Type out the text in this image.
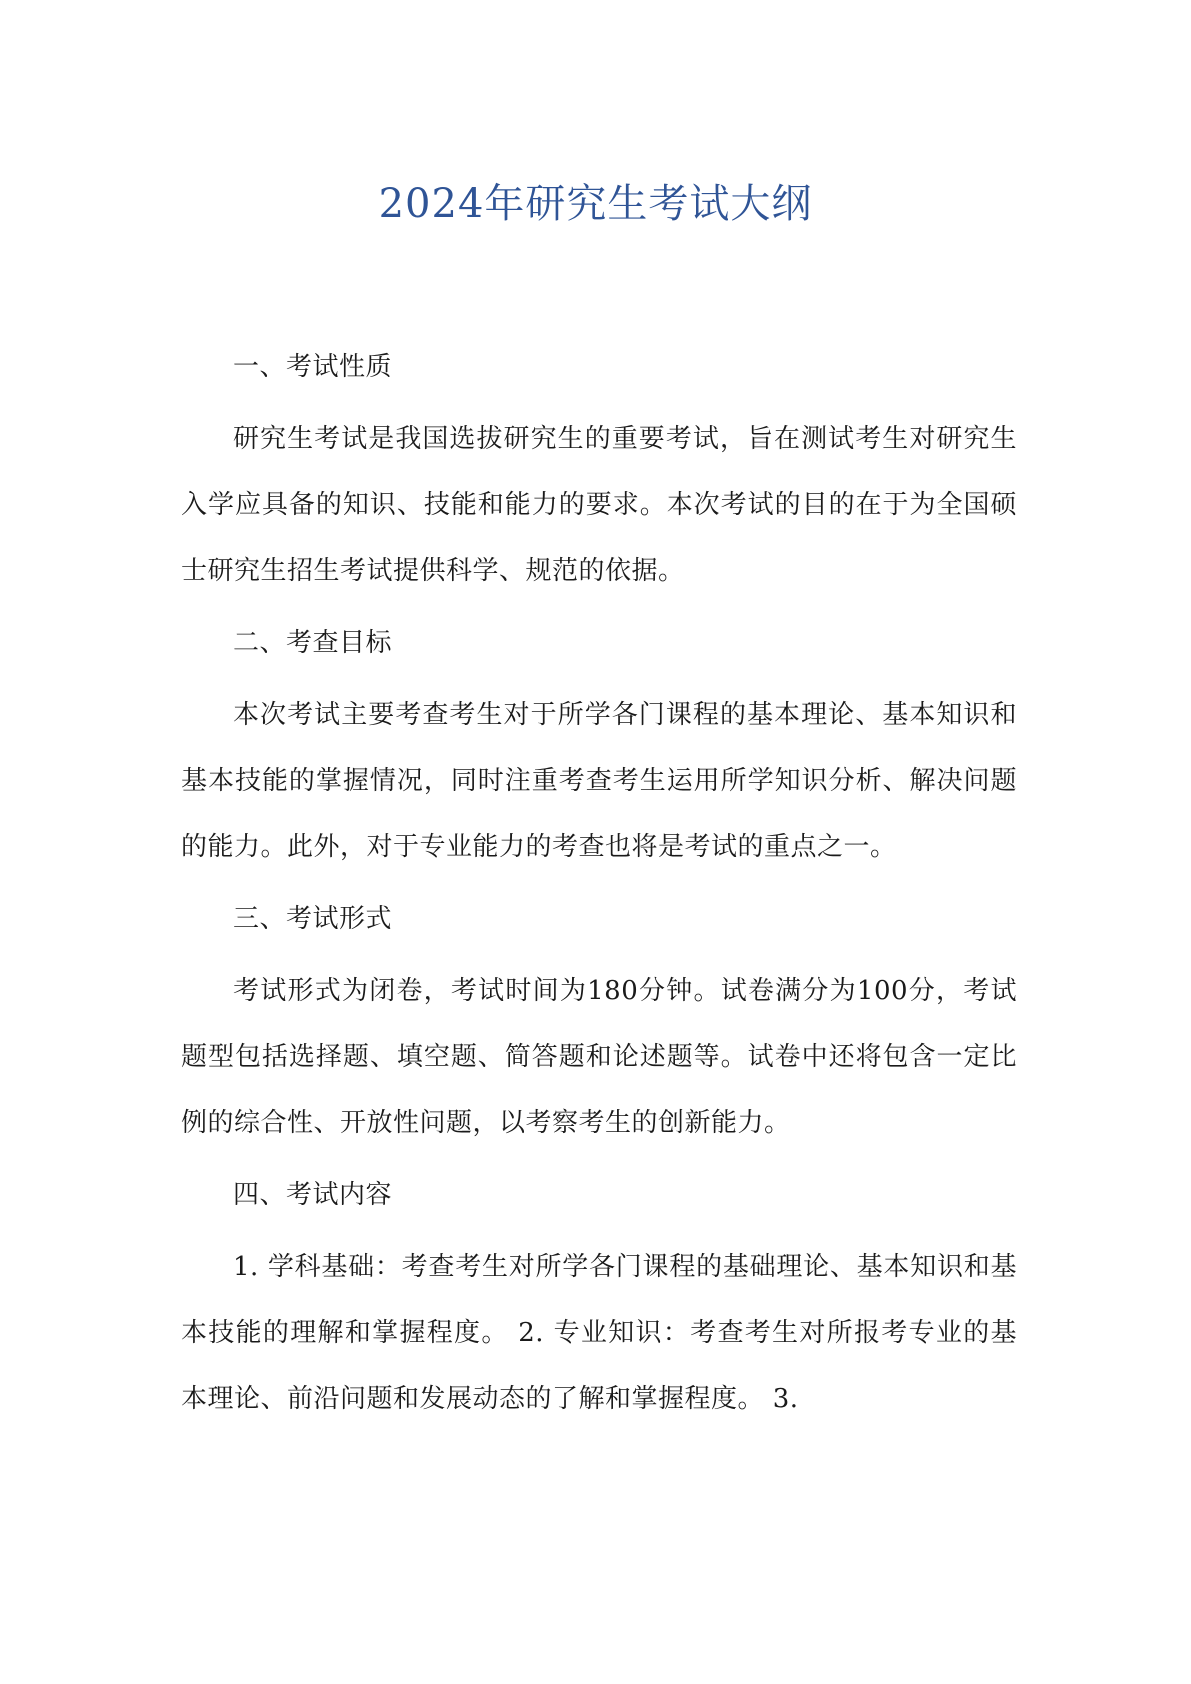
2024年研究生考试大纲

一、考试性质

研究生考试是我国选拔研究生的重要考试，旨在测试考生对研究生入学应具备的知识、技能和能力的要求。本次考试的目的在于为全国硕士研究生招生考试提供科学、规范的依据。

二、考查目标

本次考试主要考查考生对于所学各门课程的基本理论、基本知识和基本技能的掌握情况，同时注重考查考生运用所学知识分析、解决问题的能力。此外，对于专业能力的考查也将是考试的重点之一。

三、考试形式

考试形式为闭卷，考试时间为180分钟。试卷满分为100分，考试题型包括选择题、填空题、简答题和论述题等。试卷中还将包含一定比例的综合性、开放性问题，以考察考生的创新能力。

四、考试内容

1. 学科基础：考查考生对所学各门课程的基础理论、基本知识和基本技能的理解和掌握程度。 2. 专业知识：考查考生对所报考专业的基本理论、前沿问题和发展动态的了解和掌握程度。 3.
